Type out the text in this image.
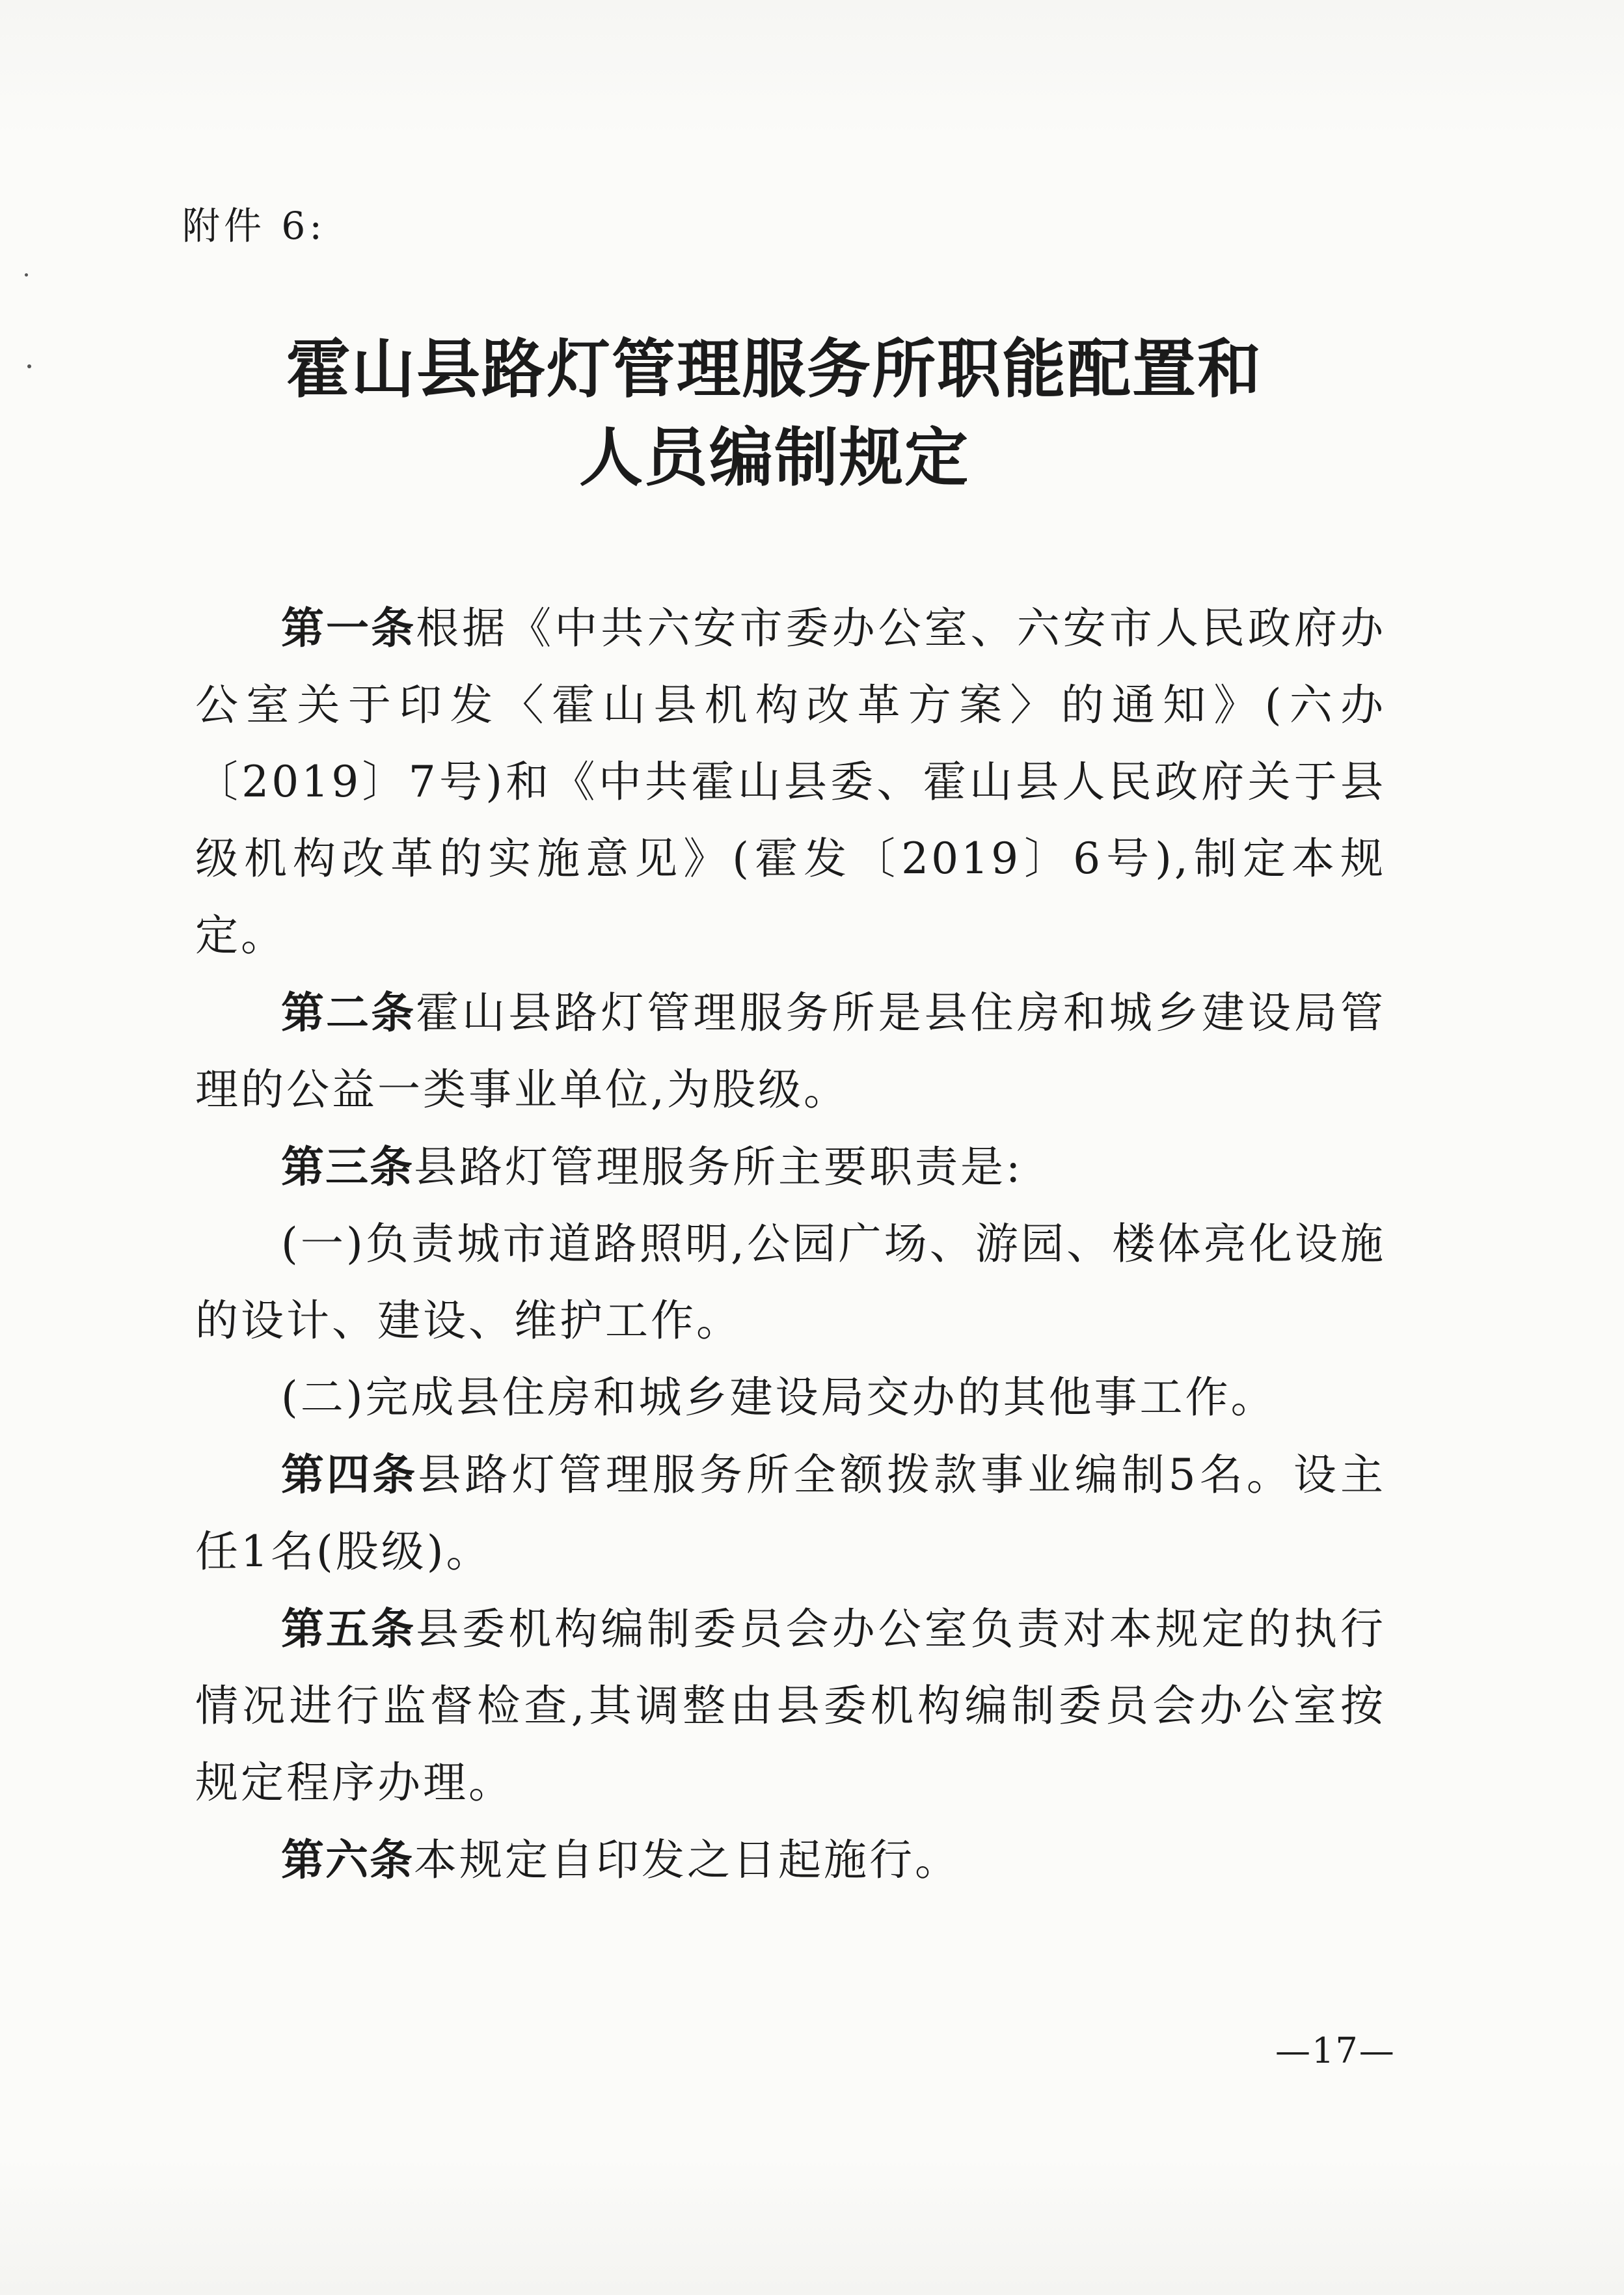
附件 6:
霍山县路灯管理服务所职能配置和
人员编制规定

第一条根据《中共六安市委办公室、六安市人民政府办公室关于印发〈霍山县机构改革方案〉的通知》(六办〔2019〕7号)和《中共霍山县委、霍山县人民政府关于县级机构改革的实施意见》(霍发〔2019〕6号),制定本规定。

第二条霍山县路灯管理服务所是县住房和城乡建设局管理的公益一类事业单位,为股级。

第三条县路灯管理服务所主要职责是:

(一)负责城市道路照明,公园广场、游园、楼体亮化设施的设计、建设、维护工作。

(二)完成县住房和城乡建设局交办的其他事工作。

第四条县路灯管理服务所全额拨款事业编制5名。设主任1名(股级)。

第五条县委机构编制委员会办公室负责对本规定的执行情况进行监督检查,其调整由县委机构编制委员会办公室按规定程序办理。

第六条本规定自印发之日起施行。

—17—
